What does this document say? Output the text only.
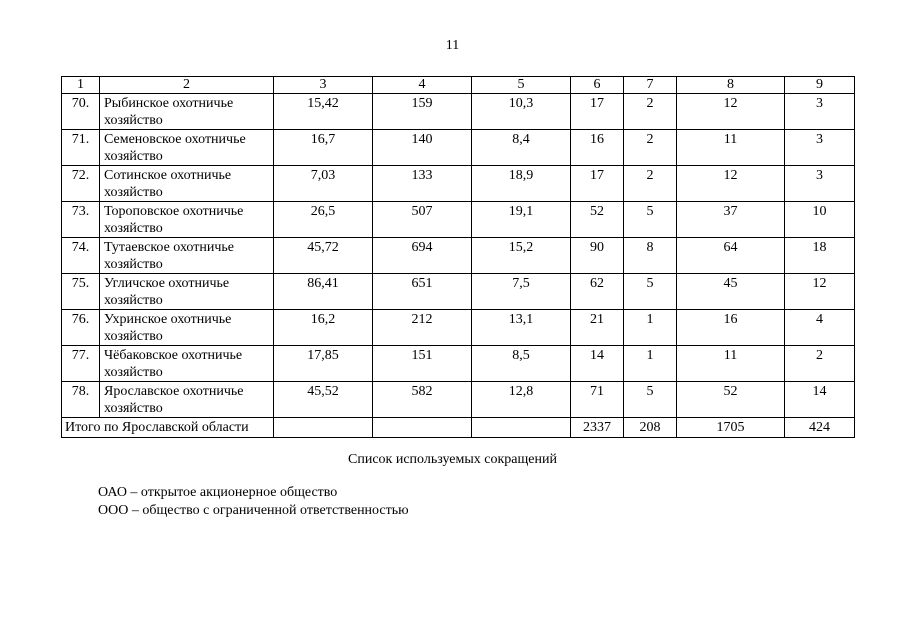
11
1	2	3	4	5	6	7	8	9
70.	Рыбинское охотничье хозяйство	15,42	159	10,3	17	2	12	3
71.	Семеновское охотничье хозяйство	16,7	140	8,4	16	2	11	3
72.	Сотинское охотничье хозяйство	7,03	133	18,9	17	2	12	3
73.	Тороповское охотничье хозяйство	26,5	507	19,1	52	5	37	10
74.	Тутаевское охотничье хозяйство	45,72	694	15,2	90	8	64	18
75.	Угличское охотничье хозяйство	86,41	651	7,5	62	5	45	12
76.	Ухринское охотничье хозяйство	16,2	212	13,1	21	1	16	4
77.	Чёбаковское охотничье хозяйство	17,85	151	8,5	14	1	11	2
78.	Ярославское охотничье хозяйство	45,52	582	12,8	71	5	52	14
Итого по Ярославской области					2337	208	1705	424
Список используемых сокращений
ОАО – открытое акционерное общество
ООО – общество с ограниченной ответственностью
